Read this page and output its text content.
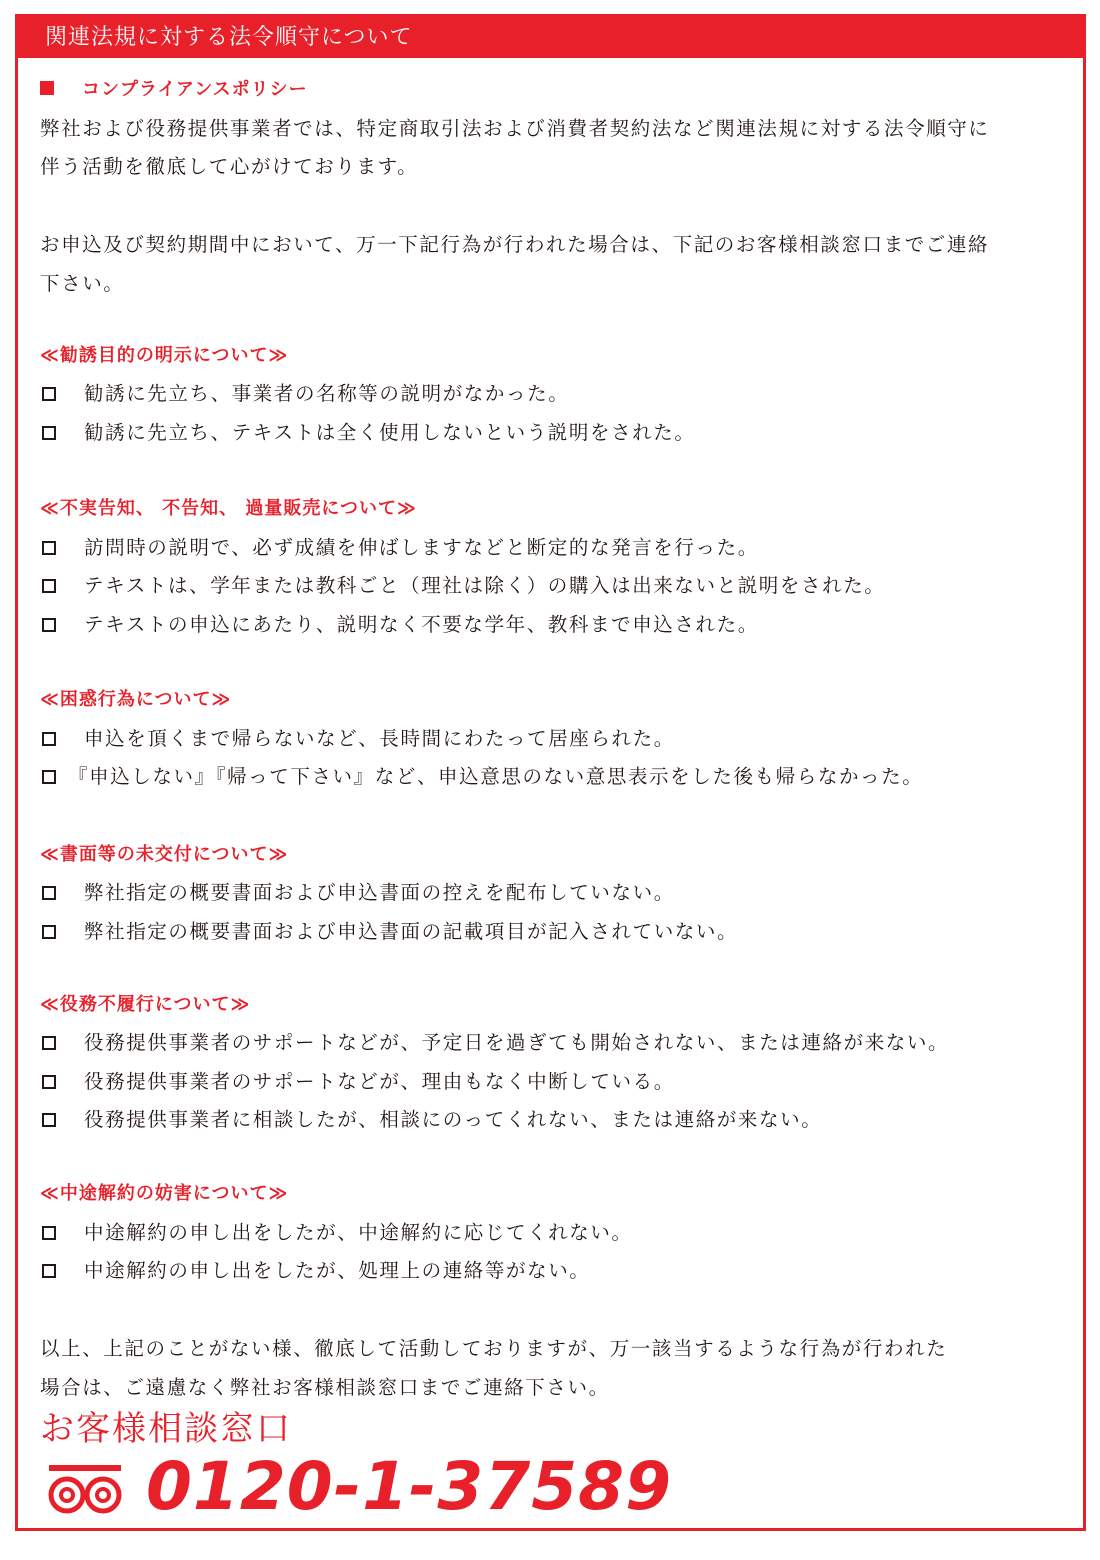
関連法規に対する法令順守について
コンプライアンスポリシー
弊社および役務提供事業者では、特定商取引法および消費者契約法など関連法規に対する法令順守に
伴う活動を徹底して心がけております。
お申込及び契約期間中において、万一下記行為が行われた場合は、下記のお客様相談窓口までご連絡
下さい。
≪勧誘目的の明示について≫
勧誘に先立ち、事業者の名称等の説明がなかった。
勧誘に先立ち、テキストは全く使用しないという説明をされた。
≪不実告知、 不告知、 過量販売について≫
訪問時の説明で、必ず成績を伸ばしますなどと断定的な発言を行った。
テキストは、学年または教科ごと（理社は除く）の購入は出来ないと説明をされた。
テキストの申込にあたり、説明なく不要な学年、教科まで申込された。
≪困惑行為について≫
申込を頂くまで帰らないなど、長時間にわたって居座られた。
『申込しない』『帰って下さい』など、申込意思のない意思表示をした後も帰らなかった。
≪書面等の未交付について≫
弊社指定の概要書面および申込書面の控えを配布していない。
弊社指定の概要書面および申込書面の記載項目が記入されていない。
≪役務不履行について≫
役務提供事業者のサポートなどが、予定日を過ぎても開始されない、または連絡が来ない。
役務提供事業者のサポートなどが、理由もなく中断している。
役務提供事業者に相談したが、相談にのってくれない、または連絡が来ない。
≪中途解約の妨害について≫
中途解約の申し出をしたが、中途解約に応じてくれない。
中途解約の申し出をしたが、処理上の連絡等がない。
以上、上記のことがない様、徹底して活動しておりますが、万一該当するような行為が行われた
場合は、ご遠慮なく弊社お客様相談窓口までご連絡下さい。
お客様相談窓口
0120-1-37589
